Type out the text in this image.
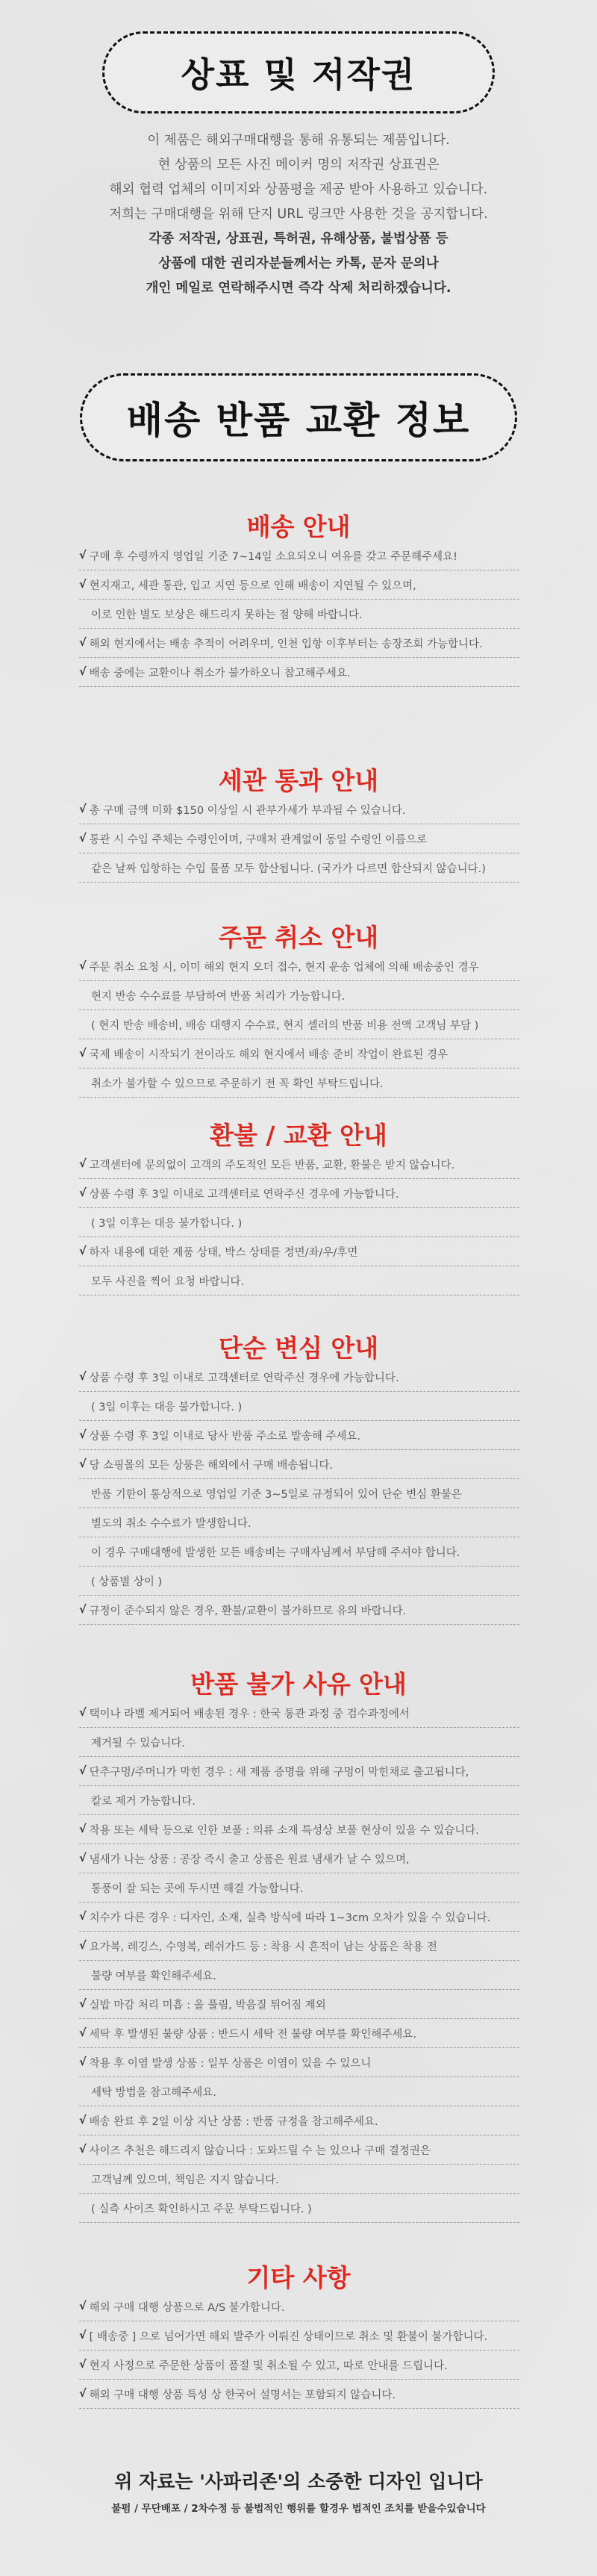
상표 및 저작권
이 제품은 해외구매대행을 통해 유통되는 제품입니다.
현 상품의 모든 사진 메이커 명의 저작권 상표권은
해외 협력 업체의 이미지와 상품평을 제공 받아 사용하고 있습니다.
저희는 구매대행을 위해 단지 URL 링크만 사용한 것을 공지합니다.
각종 저작권, 상표권, 특허권, 유해상품, 불법상품 등
상품에 대한 권리자분들께서는 카톡, 문자 문의나
개인 메일로 연락해주시면 즉각 삭제 처리하겠습니다.
배송 반품 교환 정보
배송 안내
√ 구매 후 수령까지 영업일 기준 7~14일 소요되오니 여유를 갖고 주문해주세요!
√ 현지재고, 세관 통관, 입고 지연 등으로 인해 배송이 지연될 수 있으며,
이로 인한 별도 보상은 해드리지 못하는 점 양해 바랍니다.
√ 해외 현지에서는 배송 추적이 어려우며, 인천 입항 이후부터는 송장조회 가능합니다.
√ 배송 중에는 교환이나 취소가 불가하오니 참고해주세요.
세관 통과 안내
√ 총 구매 금액 미화 $150 이상일 시 관부가세가 부과될 수 있습니다.
√ 통관 시 수입 주체는 수령인이며, 구매처 관계없이 동일 수령인 이름으로
같은 날짜 입항하는 수입 물품 모두 합산됩니다. (국가가 다르면 합산되지 않습니다.)
주문 취소 안내
√ 주문 취소 요청 시, 이미 해외 현지 오더 접수, 현지 운송 업체에 의해 배송중인 경우
현지 반송 수수료를 부담하여 반품 처리가 가능합니다.
( 현지 반송 배송비, 배송 대행지 수수료, 현지 셀러의 반품 비용 전액 고객님 부담 )
√ 국제 배송이 시작되기 전이라도 해외 현지에서 배송 준비 작업이 완료된 경우
취소가 불가할 수 있으므로 주문하기 전 꼭 확인 부탁드립니다.
환불 / 교환 안내
√ 고객센터에 문의없이 고객의 주도적인 모든 반품, 교환, 환불은 받지 않습니다.
√ 상품 수령 후 3일 이내로 고객센터로 연락주신 경우에 가능합니다.
( 3일 이후는 대응 불가합니다. )
√ 하자 내용에 대한 제품 상태, 박스 상태를 정면/좌/우/후면
모두 사진을 찍어 요청 바랍니다.
단순 변심 안내
√ 상품 수령 후 3일 이내로 고객센터로 연락주신 경우에 가능합니다.
( 3일 이후는 대응 불가합니다. )
√ 상품 수령 후 3일 이내로 당사 반품 주소로 발송해 주세요.
√ 당 쇼핑몰의 모든 상품은 해외에서 구매 배송됩니다.
반품 기한이 통상적으로 영업일 기준 3~5일로 규정되어 있어 단순 변심 환불은
별도의 취소 수수료가 발생합니다.
이 경우 구매대행에 발생한 모든 배송비는 구매자님께서 부담해 주셔야 합니다.
( 상품별 상이 )
√ 규정이 준수되지 않은 경우, 환불/교환이 불가하므로 유의 바랍니다.
반품 불가 사유 안내
√ 택이나 라벨 제거되어 배송된 경우 : 한국 통관 과정 중 검수과정에서
제거될 수 있습니다.
√ 단추구멍/주머니가 막힌 경우 : 새 제품 증명을 위해 구멍이 막힌채로 출고됩니다,
칼로 제거 가능합니다.
√ 착용 또는 세탁 등으로 인한 보풀 : 의류 소재 특성상 보풀 현상이 있을 수 있습니다.
√ 냄새가 나는 상품 : 공장 즉시 출고 상품은 원료 냄새가 날 수 있으며,
통풍이 잘 되는 곳에 두시면 해결 가능합니다.
√ 치수가 다른 경우 : 디자인, 소재, 실측 방식에 따라 1~3cm 오차가 있을 수 있습니다.
√ 요가복, 레깅스, 수영복, 레쉬가드 등 : 착용 시 흔적이 남는 상품은 착용 전
불량 여부를 확인해주세요.
√ 실밥 마감 처리 미흡 : 올 풀림, 박음질 튀어짐 제외
√ 세탁 후 발생된 불량 상품 : 반드시 세탁 전 불량 여부를 확인해주세요.
√ 착용 후 이염 발생 상품 : 일부 상품은 이염이 있을 수 있으니
세탁 방법을 참고해주세요.
√ 배송 완료 후 2일 이상 지난 상품 : 반품 규정을 참고해주세요.
√ 사이즈 추천은 해드리지 않습니다 : 도와드릴 수 는 있으나 구매 결정권은
고객님께 있으며, 책임은 지지 않습니다.
( 실측 사이즈 확인하시고 주문 부탁드립니다. )
기타 사항
√ 해외 구매 대행 상품으로 A/S 불가합니다.
√ [ 배송중 ] 으로 넘어가면 해외 발주가 이뤄진 상태이므로 취소 및 환불이 불가합니다.
√ 현지 사정으로 주문한 상품이 품절 및 취소될 수 있고, 따로 안내를 드립니다.
√ 해외 구매 대행 상품 특성 상 한국어 설명서는 포함되지 않습니다.
위 자료는 '사파리존'의 소중한 디자인 입니다
불펌 / 무단배포 / 2차수정 등 불법적인 행위를 할경우 법적인 조치를 받을수있습니다
